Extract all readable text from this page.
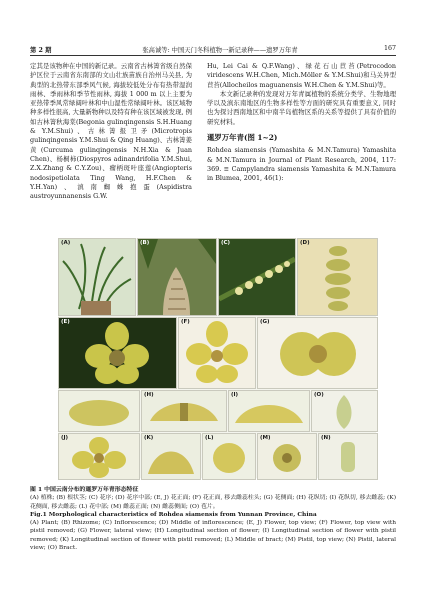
第 2 期	张高诚等: 中国天门冬科植物一新记录种——遗罗万年青	167

定其是该物种在中国的新记录。云南省古林箐省级自然保护区位于云南省东南部的文山壮族苗族自治州马关县, 为典型的北热带东部季风气候, 海拔较低处分布有热带湿润雨林、季雨林和季节性雨林, 海拔 1 000 m 以上主要为亚热带季风常绿阔叶林和中山湿性常绿阔叶林。该区域物种多样性很高, 大量新物种以及特有种在该区域被发现, 例如古林箐秋海棠(Begonia gulinqingensis S.H.Huang & Y.M.Shui)、古林箐报卫矛(Microtropis gulinqingensis Y.M.Shui & Qing Huang)、古林箐姜黄(Curcuma gulinqingensis N.H.Xia & Juan Chen)、杨桐柿(Diospyros adinandrifolia Y.M.Shui, Z.X.Zhang & C.Y.Zou)、瘤柄斑叶座莲(Angiopteris nodosipetiolata Ting Wang, H.F.Chen & Y.H.Yan)、滇南蜘蛛抱蛋(Aspidistra austroyunnanensis G.W.

Hu, Lei Cai & Q.F.Wang)、绿花石山苣苔(Petrocodon viridescens W.H.Chen, Mich.Möller & Y.M.Shui)和马关异型苣苔(Allocheilos maguanensis W.H.Chen & Y.M.Shui)等。

本文新记录种的发现对万年青属植物的系统分类学、生物地理学以及滇东南地区的生物多样性等方面的研究具有重要意义, 同时也为探讨西南地区和中南半岛植物区系的关系等提供了具有价值的研究材料。

暹罗万年青(图 1~2)

Rohdea siamensis (Yamashita & M.N.Tamura) Yamashita & M.N.Tamura in Journal of Plant Research, 2004, 117: 369. ≡ Campylandra siamensis Yamashita & M.N.Tamura in Blumea, 2001, 46(1):

(A)	(B)	(C)	(D)
(E)	(F)	(G)
(H)	(I)	(O)
(J)	(K)	(L)	(M)	(N)

图 1 中国云南分布的暹罗万年青形态特征

(A) 植株; (B) 根状茎; (C) 花序; (D) 花序中部; (E, J) 花正面; (F) 花正面, 移去雌蕊柱头; (G) 花侧面; (H) 花纵切; (I) 花纵切, 移去雌蕊; (K) 花侧面, 移去雌蕊; (L) 花中部; (M) 雌蕊正面; (N) 雌蕊侧面; (O) 苞片。

Fig.1 Morphological characteristics of Rohdea siamensis from Yunnan Province, China

(A) Plant; (B) Rhizome; (C) Inflorescence; (D) Middle of inflorescence; (E, J) Flower, top view; (F) Flower, top view with pistil removed; (G) Flower, lateral view; (H) Longitudinal section of flower; (I) Longitudinal section of flower with pistil removed; (K) Longitudinal section of flower with pistil removed; (L) Middle of bract; (M) Pistil, top view; (N) Pistil, lateral view; (O) Bract.
